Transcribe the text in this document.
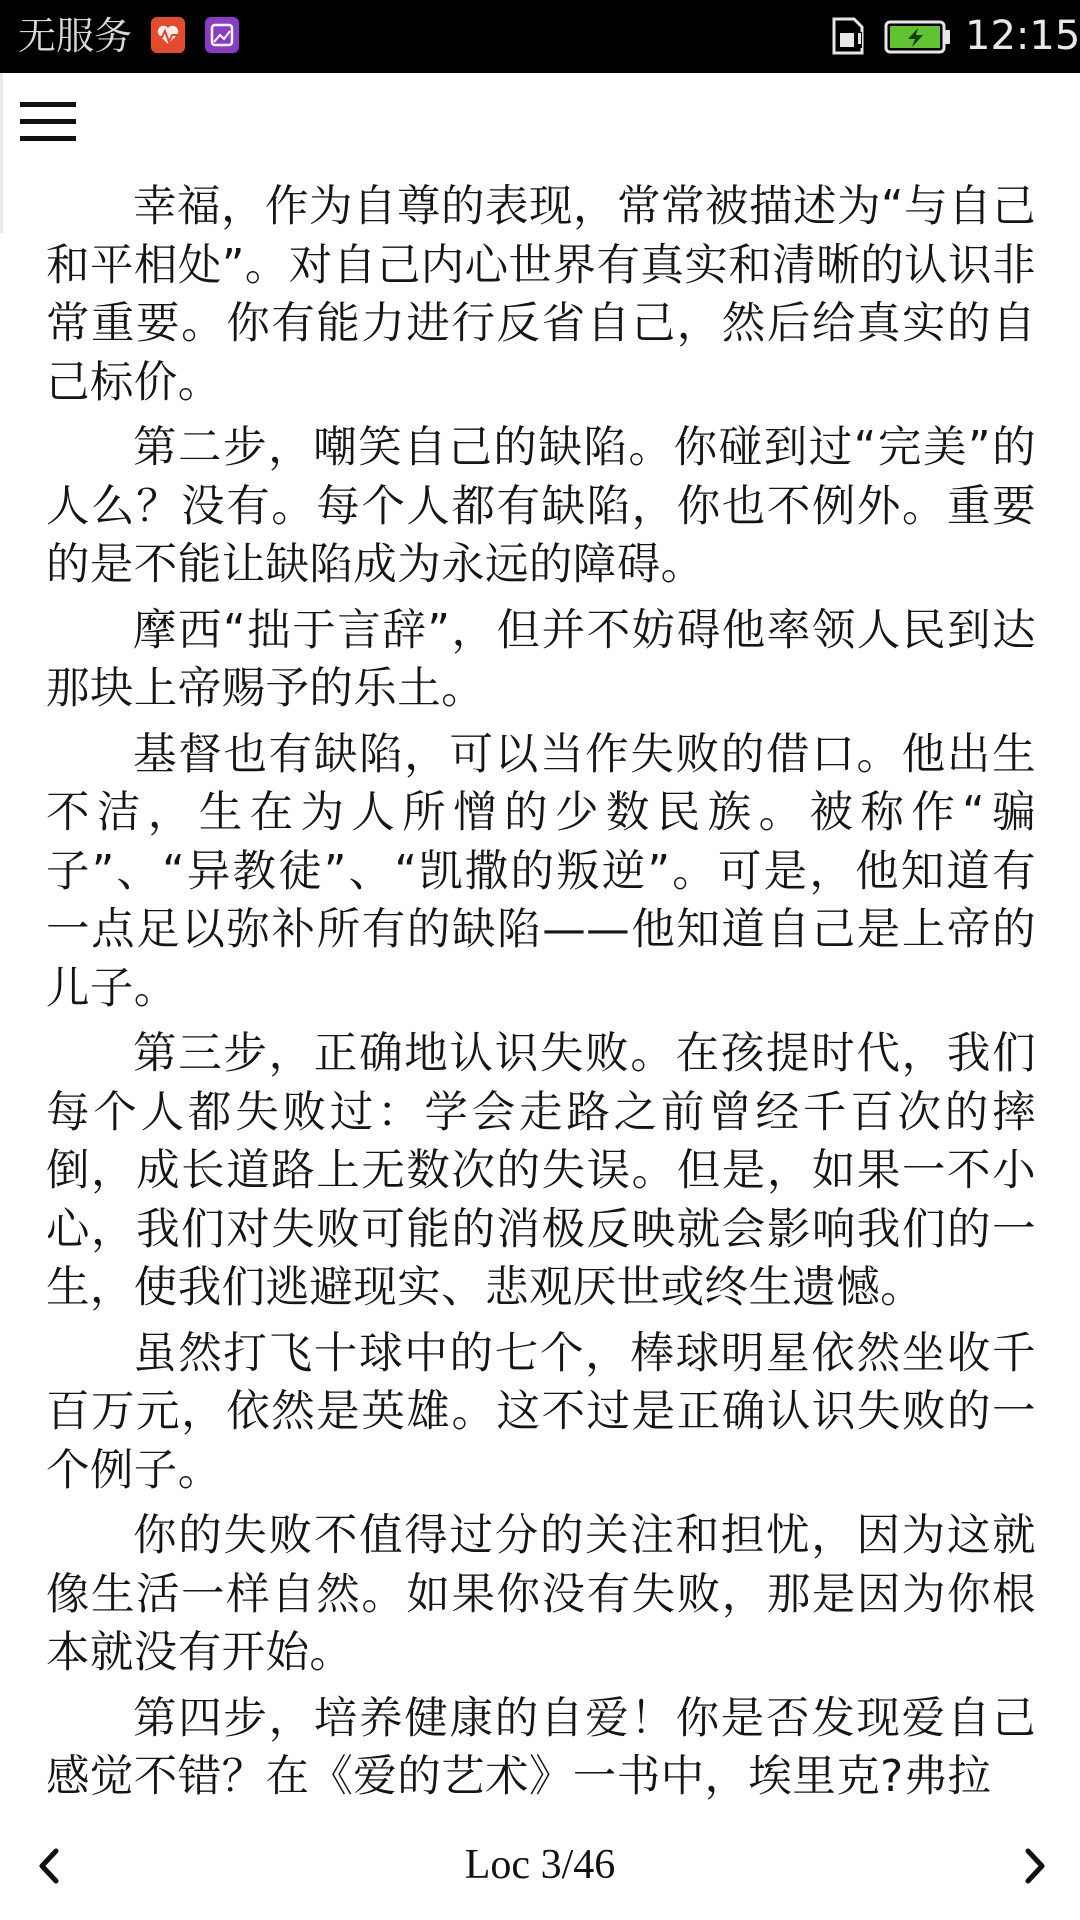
无服务	12:15

幸福，作为自尊的表现，常常被描述为“与自己和平相处”。对自己内心世界有真实和清晰的认识非常重要。你有能力进行反省自己，然后给真实的自己标价。

第二步，嘲笑自己的缺陷。你碰到过“完美”的人么？没有。每个人都有缺陷，你也不例外。重要的是不能让缺陷成为永远的障碍。

摩西“拙于言辞”，但并不妨碍他率领人民到达那块上帝赐予的乐土。

基督也有缺陷，可以当作失败的借口。他出生不洁，生在为人所憎的少数民族。被称作“骗子”、“异教徒”、“凯撒的叛逆”。可是，他知道有一点足以弥补所有的缺陷——他知道自己是上帝的儿子。

第三步，正确地认识失败。在孩提时代，我们每个人都失败过：学会走路之前曾经千百次的摔倒，成长道路上无数次的失误。但是，如果一不小心，我们对失败可能的消极反映就会影响我们的一生，使我们逃避现实、悲观厌世或终生遗憾。

虽然打飞十球中的七个，棒球明星依然坐收千百万元，依然是英雄。这不过是正确认识失败的一个例子。

你的失败不值得过分的关注和担忧，因为这就像生活一样自然。如果你没有失败，那是因为你根本就没有开始。

第四步，培养健康的自爱！你是否发现爱自己感觉不错？在《爱的艺术》一书中，埃里克?弗拉

Loc 3/46
